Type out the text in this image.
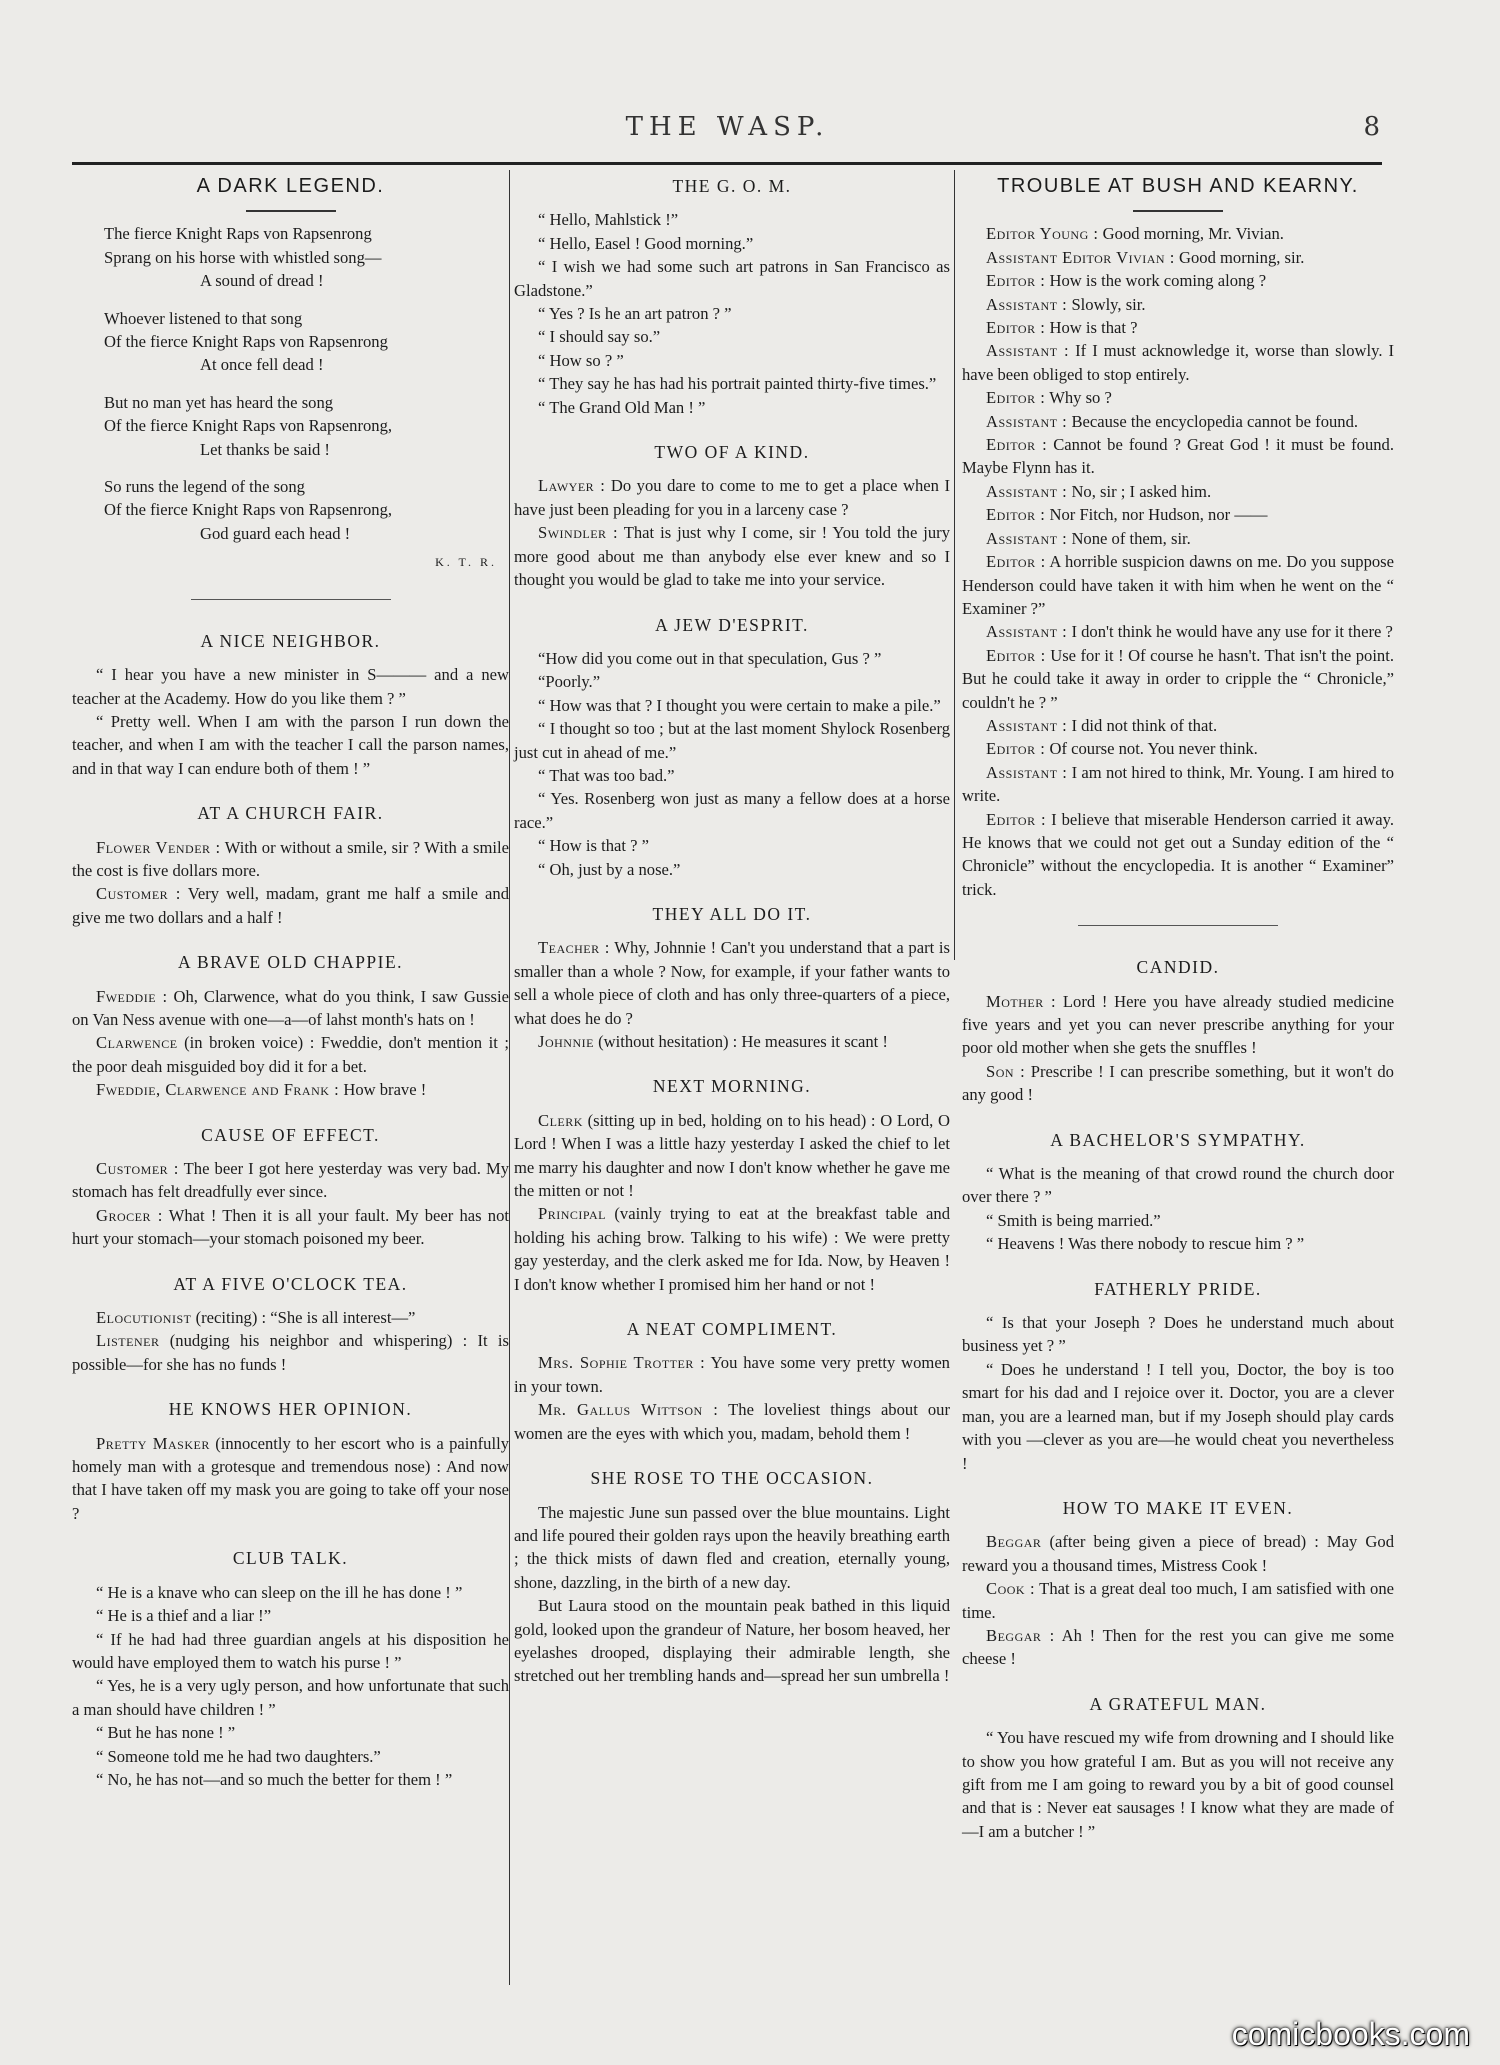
THE WASP.	8
A DARK LEGEND.
The fierce Knight Raps von Rapsenrong
Sprang on his horse with whistled song—
A sound of dread !
Whoever listened to that song
Of the fierce Knight Raps von Rapsenrong
At once fell dead !
But no man yet has heard the song
Of the fierce Knight Raps von Rapsenrong,
Let thanks be said !
So runs the legend of the song
Of the fierce Knight Raps von Rapsenrong,
God guard each head !
K. T. R.
A NICE NEIGHBOR.

“ I hear you have a new minister in S——— and a new teacher at the Academy. How do you like them ? ”

“ Pretty well. When I am with the parson I run down the teacher, and when I am with the teacher I call the parson names, and in that way I can endure both of them ! ”

AT A CHURCH FAIR.

Flower Vender : With or without a smile, sir ? With a smile the cost is five dollars more.

Customer : Very well, madam, grant me half a smile and give me two dollars and a half !

A BRAVE OLD CHAPPIE.

Fweddie : Oh, Clarwence, what do you think, I saw Gussie on Van Ness avenue with one—a—of lahst month's hats on !

Clarwence (in broken voice) : Fweddie, don't mention it ; the poor deah misguided boy did it for a bet.

Fweddie, Clarwence and Frank : How brave !

CAUSE OF EFFECT.

Customer : The beer I got here yesterday was very bad. My stomach has felt dreadfully ever since.

Grocer : What ! Then it is all your fault. My beer has not hurt your stomach—your stomach poisoned my beer.

AT A FIVE O'CLOCK TEA.

Elocutionist (reciting) : “She is all interest—”

Listener (nudging his neighbor and whispering) : It is possible—for she has no funds !

HE KNOWS HER OPINION.

Pretty Masker (innocently to her escort who is a painfully homely man with a grotesque and tremendous nose) : And now that I have taken off my mask you are going to take off your nose ?

CLUB TALK.

“ He is a knave who can sleep on the ill he has done ! ”

“ He is a thief and a liar !”

“ If he had had three guardian angels at his disposition he would have employed them to watch his purse ! ”

“ Yes, he is a very ugly person, and how unfortunate that such a man should have children ! ”

“ But he has none ! ”

“ Someone told me he had two daughters.”

“ No, he has not—and so much the better for them ! ”

THE G. O. M.

“ Hello, Mahlstick !”

“ Hello, Easel ! Good morning.”

“ I wish we had some such art patrons in San Francisco as Gladstone.”

“ Yes ? Is he an art patron ? ”

“ I should say so.”

“ How so ? ”

“ They say he has had his portrait painted thirty-five times.”

“ The Grand Old Man ! ”

TWO OF A KIND.

Lawyer : Do you dare to come to me to get a place when I have just been pleading for you in a larceny case ?

Swindler : That is just why I come, sir ! You told the jury more good about me than anybody else ever knew and so I thought you would be glad to take me into your service.

A JEW D'ESPRIT.

“How did you come out in that speculation, Gus ? ”

“Poorly.”

“ How was that ? I thought you were certain to make a pile.”

“ I thought so too ; but at the last moment Shylock Rosenberg just cut in ahead of me.”

“ That was too bad.”

“ Yes. Rosenberg won just as many a fellow does at a horse race.”

“ How is that ? ”

“ Oh, just by a nose.”

THEY ALL DO IT.

Teacher : Why, Johnnie ! Can't you understand that a part is smaller than a whole ? Now, for example, if your father wants to sell a whole piece of cloth and has only three-quarters of a piece, what does he do ?

Johnnie (without hesitation) : He measures it scant !

NEXT MORNING.

Clerk (sitting up in bed, holding on to his head) : O Lord, O Lord ! When I was a little hazy yesterday I asked the chief to let me marry his daughter and now I don't know whether he gave me the mitten or not !

Principal (vainly trying to eat at the breakfast table and holding his aching brow. Talking to his wife) : We were pretty gay yesterday, and the clerk asked me for Ida. Now, by Heaven ! I don't know whether I promised him her hand or not !

A NEAT COMPLIMENT.

Mrs. Sophie Trotter : You have some very pretty women in your town.

Mr. Gallus Wittson : The loveliest things about our women are the eyes with which you, madam, behold them !

SHE ROSE TO THE OCCASION.

The majestic June sun passed over the blue mountains. Light and life poured their golden rays upon the heavily breathing earth ; the thick mists of dawn fled and creation, eternally young, shone, dazzling, in the birth of a new day.

But Laura stood on the mountain peak bathed in this liquid gold, looked upon the grandeur of Nature, her bosom heaved, her eyelashes drooped, displaying their admirable length, she stretched out her trembling hands and—spread her sun umbrella !

TROUBLE AT BUSH AND KEARNY.

Editor Young : Good morning, Mr. Vivian.

Assistant Editor Vivian : Good morning, sir.

Editor : How is the work coming along ?

Assistant : Slowly, sir.

Editor : How is that ?

Assistant : If I must acknowledge it, worse than slowly. I have been obliged to stop entirely.

Editor : Why so ?

Assistant : Because the encyclopedia cannot be found.

Editor : Cannot be found ? Great God ! it must be found. Maybe Flynn has it.

Assistant : No, sir ; I asked him.

Editor : Nor Fitch, nor Hudson, nor ——

Assistant : None of them, sir.

Editor : A horrible suspicion dawns on me. Do you suppose Henderson could have taken it with him when he went on the “ Examiner ?”

Assistant : I don't think he would have any use for it there ?

Editor : Use for it ! Of course he hasn't. That isn't the point. But he could take it away in order to cripple the “ Chronicle,” couldn't he ? ”

Assistant : I did not think of that.

Editor : Of course not. You never think.

Assistant : I am not hired to think, Mr. Young. I am hired to write.

Editor : I believe that miserable Henderson carried it away. He knows that we could not get out a Sunday edition of the “ Chronicle” without the encyclopedia. It is another “ Examiner” trick.

CANDID.

Mother : Lord ! Here you have already studied medicine five years and yet you can never prescribe anything for your poor old mother when she gets the snuffles !

Son : Prescribe ! I can prescribe something, but it won't do any good !

A BACHELOR'S SYMPATHY.

“ What is the meaning of that crowd round the church door over there ? ”

“ Smith is being married.”

“ Heavens ! Was there nobody to rescue him ? ”

FATHERLY PRIDE.

“ Is that your Joseph ? Does he understand much about business yet ? ”

“ Does he understand ! I tell you, Doctor, the boy is too smart for his dad and I rejoice over it. Doctor, you are a clever man, you are a learned man, but if my Joseph should play cards with you —clever as you are—he would cheat you nevertheless !

HOW TO MAKE IT EVEN.

Beggar (after being given a piece of bread) : May God reward you a thousand times, Mistress Cook !

Cook : That is a great deal too much, I am satisfied with one time.

Beggar : Ah ! Then for the rest you can give me some cheese !

A GRATEFUL MAN.

“ You have rescued my wife from drowning and I should like to show you how grateful I am. But as you will not receive any gift from me I am going to reward you by a bit of good counsel and that is : Never eat sausages ! I know what they are made of—I am a butcher ! ”

comicbooks.com
